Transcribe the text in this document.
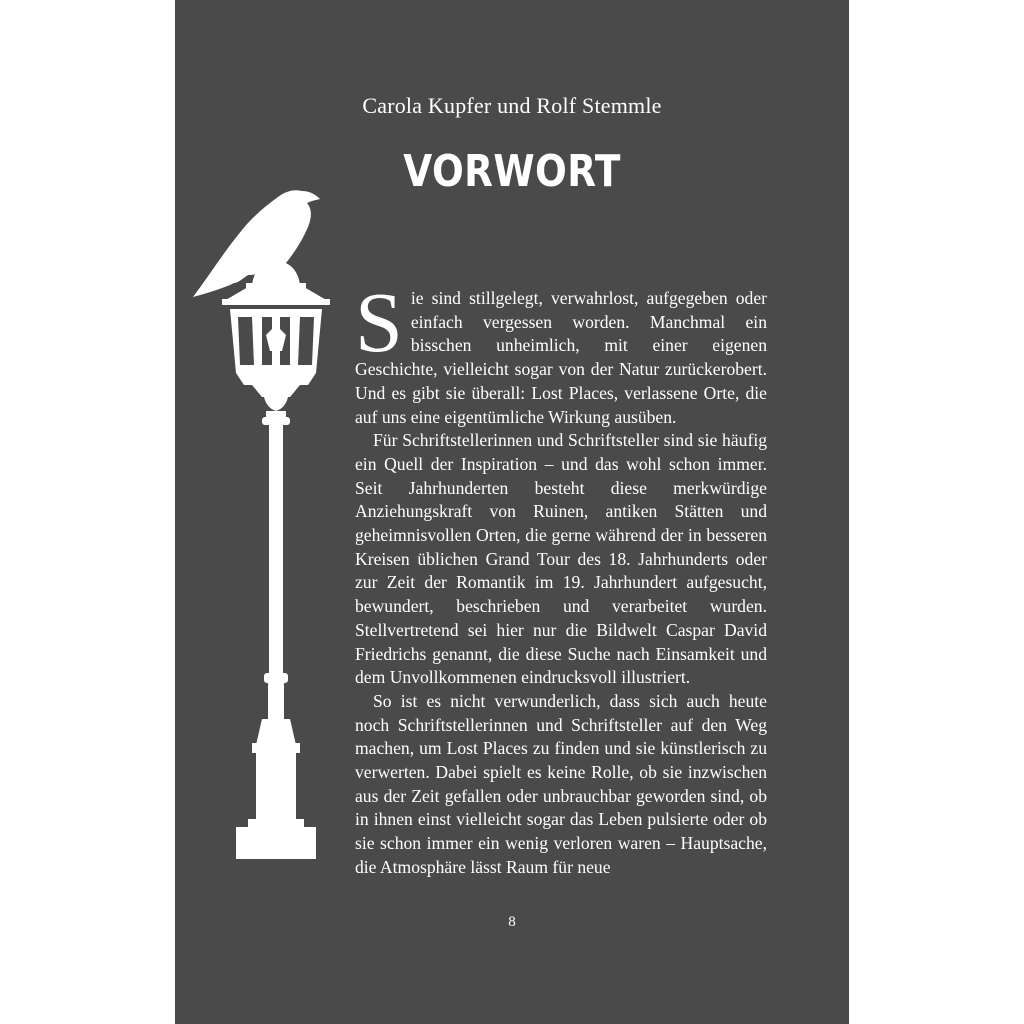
Carola Kupfer und Rolf Stemmle
VORWORT

Sie sind stillgelegt, verwahrlost, aufgegeben oder einfach vergessen worden. Manchmal ein bisschen unheimlich, mit einer eigenen Geschichte, vielleicht sogar von der Natur zurückerobert. Und es gibt sie überall: Lost Places, verlassene Orte, die auf uns eine eigentümliche Wirkung ausüben.

Für Schriftstellerinnen und Schriftsteller sind sie häufig ein Quell der Inspiration – und das wohl schon immer. Seit Jahrhunderten besteht diese merkwürdige Anziehungskraft von Ruinen, antiken Stätten und geheimnisvollen Orten, die gerne während der in besseren Kreisen üblichen Grand Tour des 18. Jahrhunderts oder zur Zeit der Romantik im 19. Jahrhundert aufgesucht, bewundert, beschrieben und verarbeitet wurden. Stellvertretend sei hier nur die Bildwelt Caspar David Friedrichs genannt, die diese Suche nach Einsamkeit und dem Unvollkommenen eindrucksvoll illustriert.

So ist es nicht verwunderlich, dass sich auch heute noch Schriftstellerinnen und Schriftsteller auf den Weg machen, um Lost Places zu finden und sie künstlerisch zu verwerten. Dabei spielt es keine Rolle, ob sie inzwischen aus der Zeit gefallen oder unbrauchbar geworden sind, ob in ihnen einst vielleicht sogar das Leben pulsierte oder ob sie schon immer ein wenig verloren waren – Hauptsache, die Atmosphäre lässt Raum für neue

8
